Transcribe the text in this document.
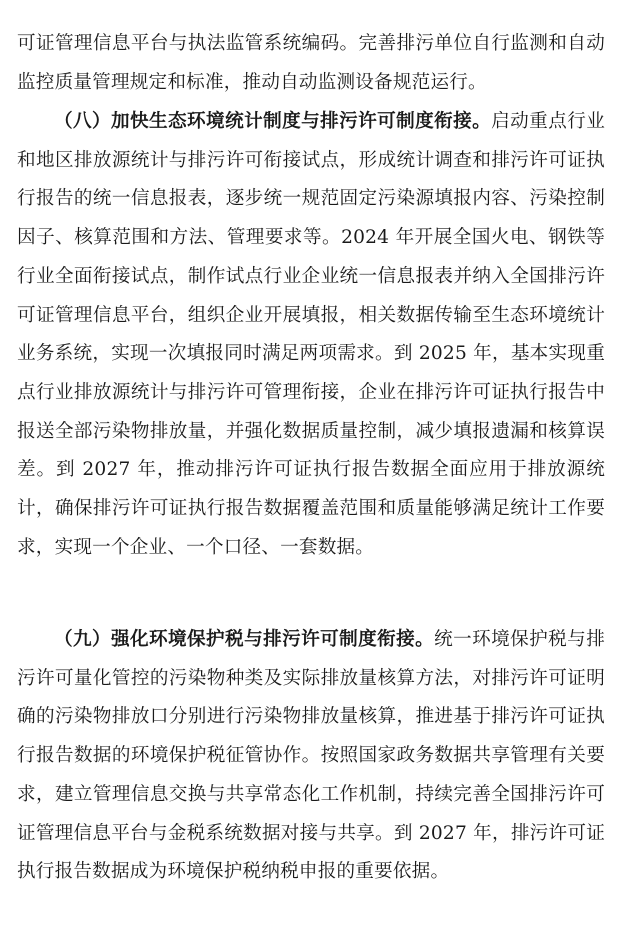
可证管理信息平台与执法监管系统编码。完善排污单位自行监测和自动监控质量管理规定和标准，推动自动监测设备规范运行。

（八）加快生态环境统计制度与排污许可制度衔接。启动重点行业和地区排放源统计与排污许可衔接试点，形成统计调查和排污许可证执行报告的统一信息报表，逐步统一规范固定污染源填报内容、污染控制因子、核算范围和方法、管理要求等。2024 年开展全国火电、钢铁等行业全面衔接试点，制作试点行业企业统一信息报表并纳入全国排污许可证管理信息平台，组织企业开展填报，相关数据传输至生态环境统计业务系统，实现一次填报同时满足两项需求。到 2025 年，基本实现重点行业排放源统计与排污许可管理衔接，企业在排污许可证执行报告中报送全部污染物排放量，并强化数据质量控制，减少填报遗漏和核算误差。到 2027 年，推动排污许可证执行报告数据全面应用于排放源统计，确保排污许可证执行报告数据覆盖范围和质量能够满足统计工作要求，实现一个企业、一个口径、一套数据。

（九）强化环境保护税与排污许可制度衔接。统一环境保护税与排污许可量化管控的污染物种类及实际排放量核算方法，对排污许可证明确的污染物排放口分别进行污染物排放量核算，推进基于排污许可证执行报告数据的环境保护税征管协作。按照国家政务数据共享管理有关要求，建立管理信息交换与共享常态化工作机制，持续完善全国排污许可证管理信息平台与金税系统数据对接与共享。到 2027 年，排污许可证执行报告数据成为环境保护税纳税申报的重要依据。
